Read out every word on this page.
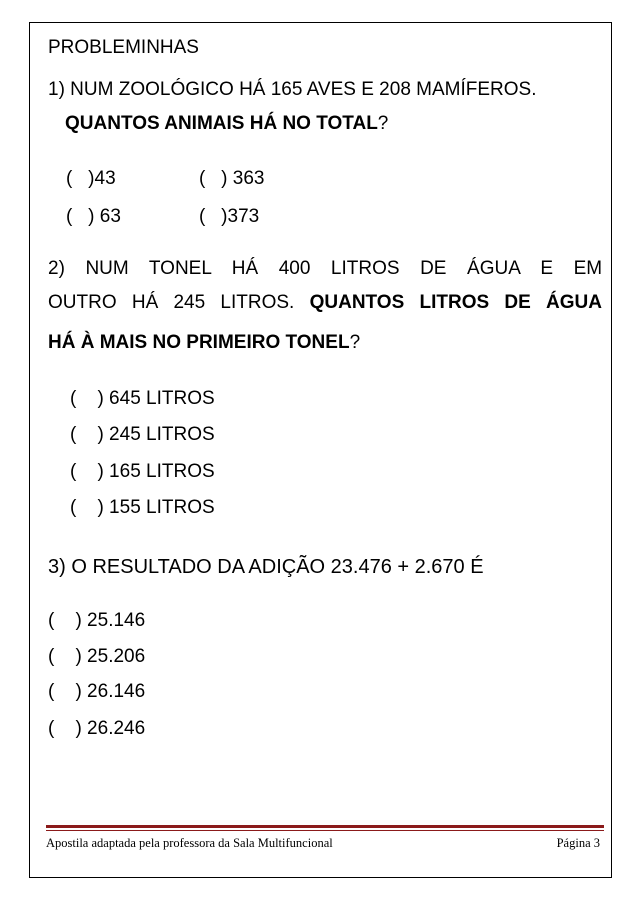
PROBLEMINHAS
1) NUM ZOOLÓGICO HÁ 165 AVES E 208 MAMÍFEROS.
QUANTOS ANIMAIS HÁ NO TOTAL?
( )43	( ) 363
( ) 63	( )373
2) NUM TONEL HÁ 400 LITROS DE ÁGUA E EM
OUTRO HÁ 245 LITROS. QUANTOS LITROS DE ÁGUA
HÁ À MAIS NO PRIMEIRO TONEL?
( ) 645 LITROS
( ) 245 LITROS
( ) 165 LITROS
( ) 155 LITROS
3) O RESULTADO DA ADIÇÃO 23.476 + 2.670 É
( ) 25.146
( ) 25.206
( ) 26.146
( ) 26.246
Apostila adaptada pela professora da Sala Multifuncional	Página 3
